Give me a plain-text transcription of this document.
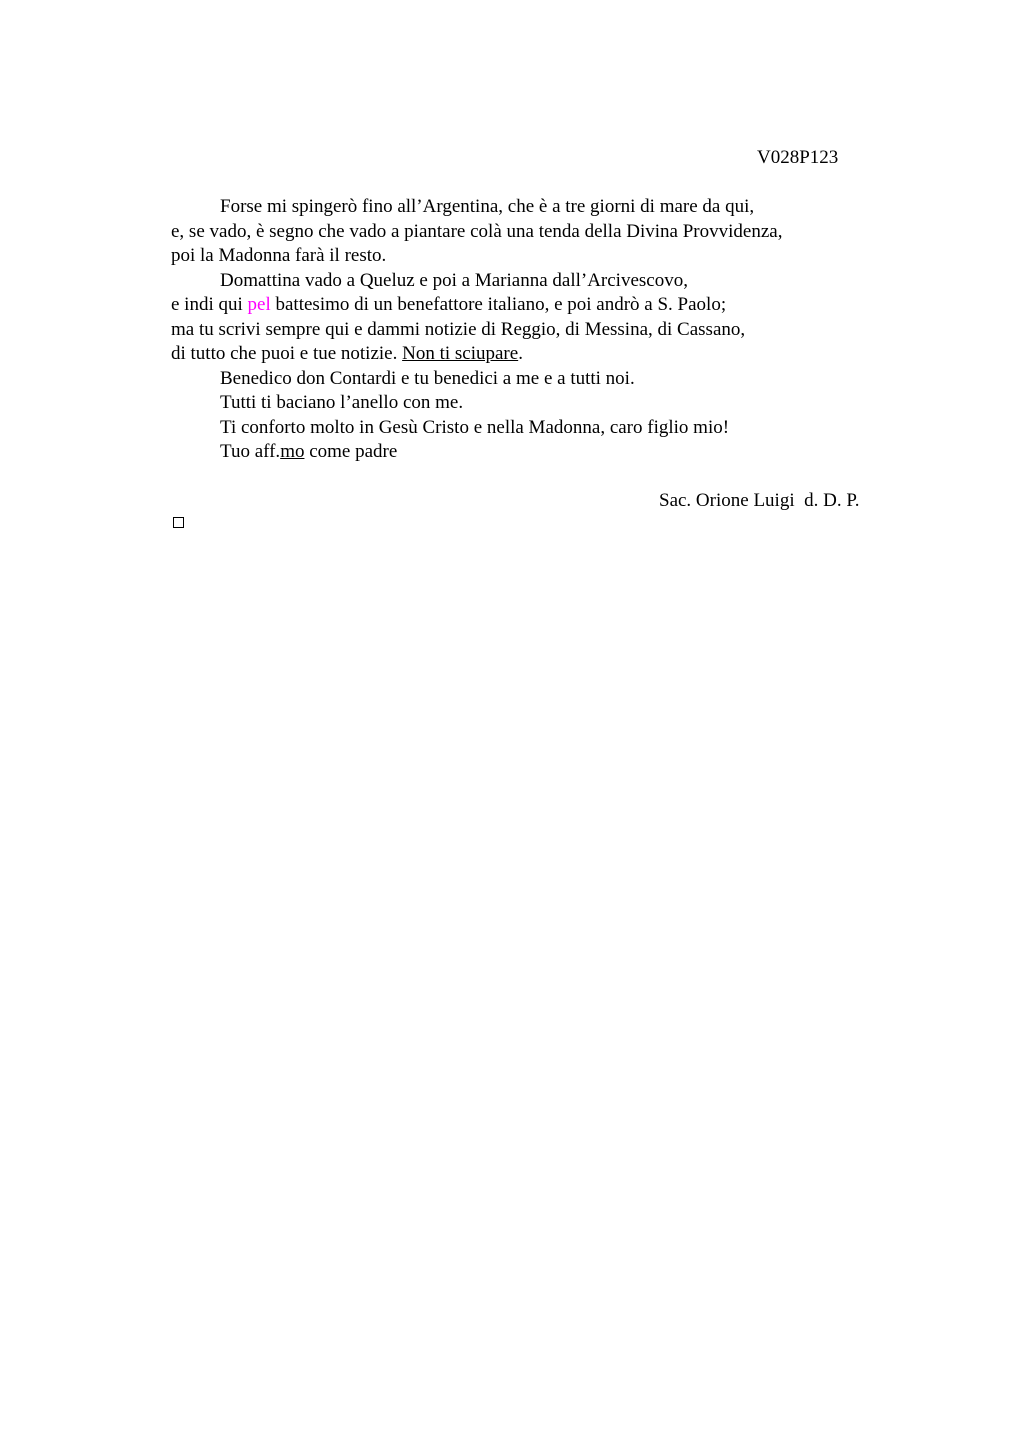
V028P123
Forse mi spingerò fino all’Argentina, che è a tre giorni di mare da qui,
e, se vado, è segno che vado a piantare colà una tenda della Divina Provvidenza,
poi la Madonna farà il resto.
Domattina vado a Queluz e poi a Marianna dall’Arcivescovo,
e indi qui pel battesimo di un benefattore italiano, e poi andrò a S. Paolo;
ma tu scrivi sempre qui e dammi notizie di Reggio, di Messina, di Cassano,
di tutto che puoi e tue notizie. Non ti sciupare.
Benedico don Contardi e tu benedici a me e a tutti noi.
Tutti ti baciano l’anello con me.
Ti conforto molto in Gesù Cristo e nella Madonna, caro figlio mio!
Tuo aff.mo come padre
Sac. Orione Luigi  d. D. P.
